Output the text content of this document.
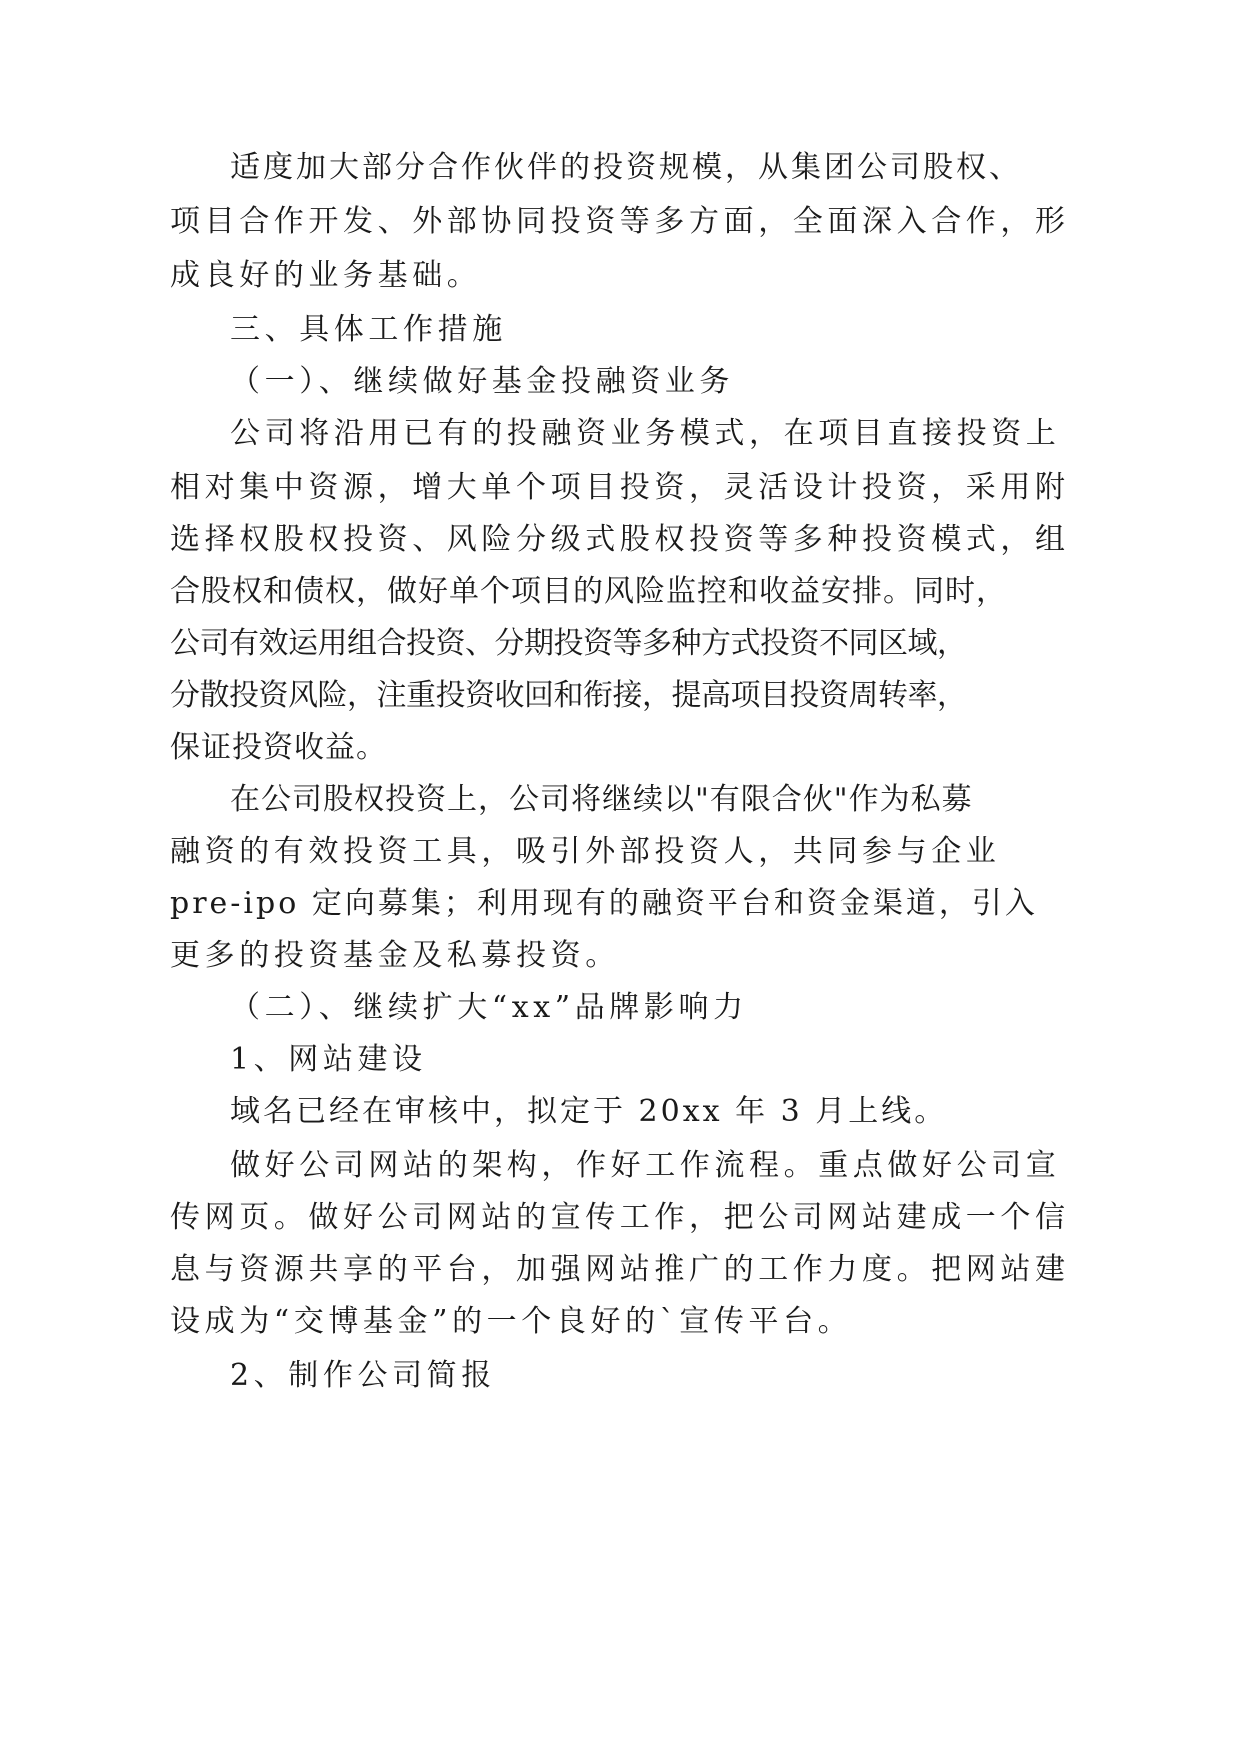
适度加大部分合作伙伴的投资规模，从集团公司股权、
项目合作开发、外部协同投资等多方面，全面深入合作，形
成良好的业务基础。
三、具体工作措施
（一）、继续做好基金投融资业务
公司将沿用已有的投融资业务模式，在项目直接投资上
相对集中资源，增大单个项目投资，灵活设计投资，采用附
选择权股权投资、风险分级式股权投资等多种投资模式，组
合股权和债权，做好单个项目的风险监控和收益安排。同时，
公司有效运用组合投资、分期投资等多种方式投资不同区域，
分散投资风险，注重投资收回和衔接，提高项目投资周转率，
保证投资收益。
在公司股权投资上，公司将继续以"有限合伙"作为私募
融资的有效投资工具，吸引外部投资人，共同参与企业
pre-ipo 定向募集；利用现有的融资平台和资金渠道，引入
更多的投资基金及私募投资。
（二）、继续扩大“xx”品牌影响力
1、网站建设
域名已经在审核中，拟定于 20xx 年 3 月上线。
做好公司网站的架构，作好工作流程。重点做好公司宣
传网页。做好公司网站的宣传工作，把公司网站建成一个信
息与资源共享的平台，加强网站推广的工作力度。把网站建
设成为“交博基金”的一个良好的`宣传平台。
2、制作公司简报
